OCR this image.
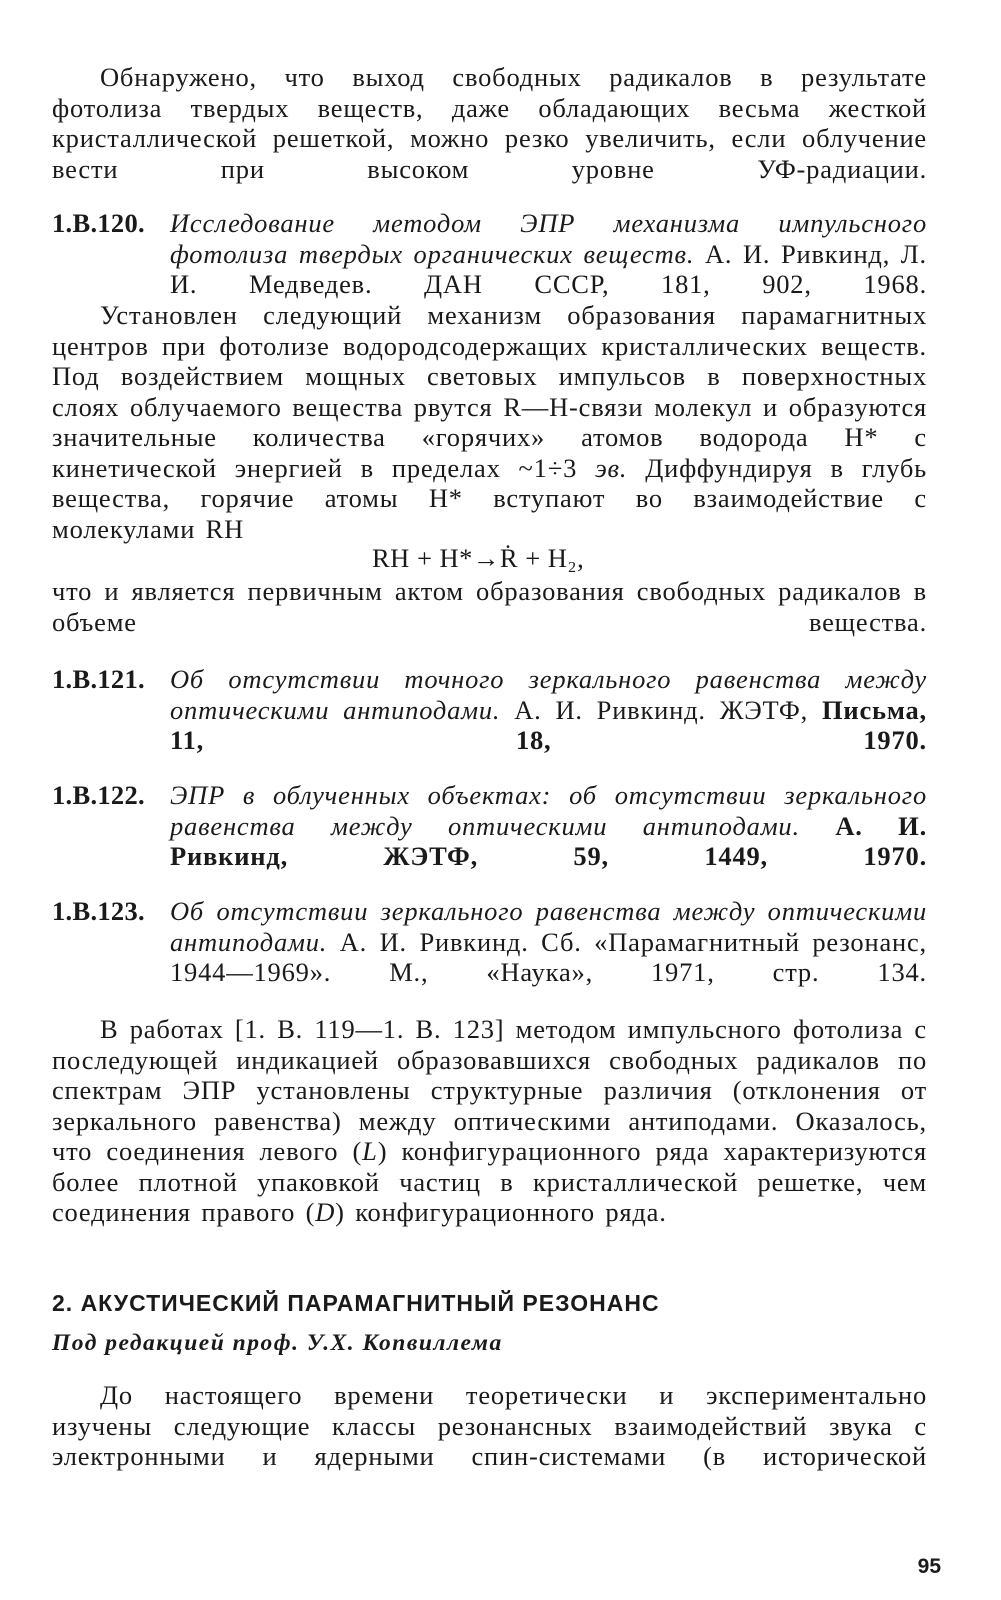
Обнаружено, что выход свободных радикалов в результате фотолиза твердых веществ, даже обладающих весьма жесткой кристаллической решеткой, можно резко увеличить, если облучение вести при высоком уровне УФ-радиации.

1.В.120. Исследование методом ЭПР механизма импульсного фотолиза твердых органических веществ. А. И. Ривкинд, Л. И. Медведев. ДАН СССР, 181, 902, 1968.

Установлен следующий механизм образования парамагнитных центров при фотолизе водородсодержащих кристаллических веществ. Под воздействием мощных световых импульсов в поверхностных слоях облучаемого вещества рвутся R—H-связи молекул и образуются значительные количества «горячих» атомов водорода H* с кинетической энергией в пределах ~1÷3 эв. Диффундируя в глубь вещества, горячие атомы H* вступают во взаимодействие с молекулами RH

RH + H*→Ṙ + H₂,

что и является первичным актом образования свободных радикалов в объеме вещества.

1.В.121. Об отсутствии точного зеркального равенства между оптическими антиподами. А. И. Ривкинд. ЖЭТФ, Письма, 11, 18, 1970.

1.В.122. ЭПР в облученных объектах: об отсутствии зеркального равенства между оптическими антиподами. А. И. Ривкинд, ЖЭТФ, 59, 1449, 1970.

1.В.123. Об отсутствии зеркального равенства между оптическими антиподами. А. И. Ривкинд. Сб. «Парамагнитный резонанс, 1944—1969». М., «Наука», 1971, стр. 134.

В работах [1. В. 119—1. В. 123] методом импульсного фотолиза с последующей индикацией образовавшихся свободных радикалов по спектрам ЭПР установлены структурные различия (отклонения от зеркального равенства) между оптическими антиподами. Оказалось, что соединения левого (L) конфигурационного ряда характеризуются более плотной упаковкой частиц в кристаллической решетке, чем соединения правого (D) конфигурационного ряда.

2. АКУСТИЧЕСКИЙ ПАРАМАГНИТНЫЙ РЕЗОНАНС
Под редакцией проф. У.Х. Копвиллема

До настоящего времени теоретически и экспериментально изучены следующие классы резонансных взаимодействий звука с электронными и ядерными спин-системами (в исторической

95
